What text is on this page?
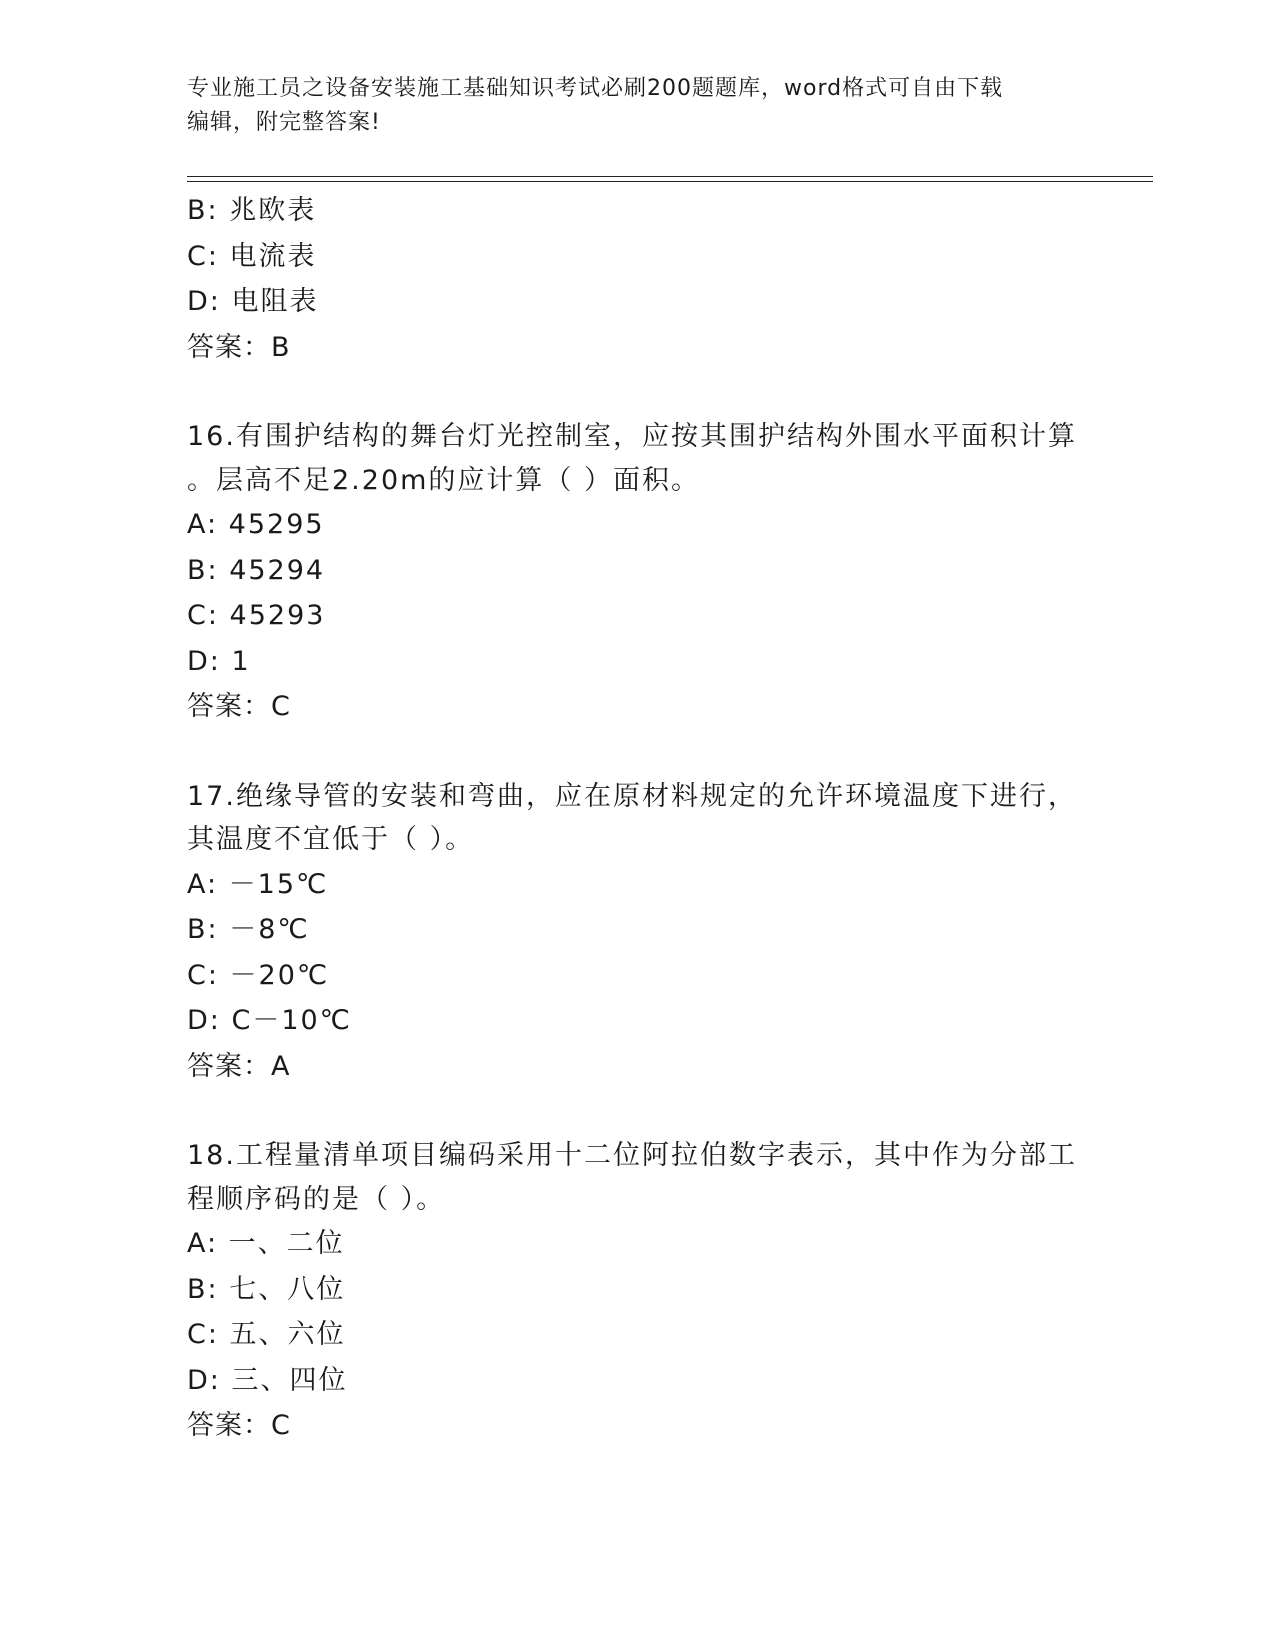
专业施工员之设备安装施工基础知识考试必刷200题题库，word格式可自由下载
编辑，附完整答案!
B: 兆欧表
C: 电流表
D: 电阻表
答案：B
16.有围护结构的舞台灯光控制室，应按其围护结构外围水平面积计算
。层高不足2.20m的应计算（ ）面积。
A: 45295
B: 45294
C: 45293
D: 1
答案：C
17.绝缘导管的安装和弯曲，应在原材料规定的允许环境温度下进行，
其温度不宜低于（ ）。
A: －15℃
B: －8℃
C: －20℃
D: C－10℃
答案：A
18.工程量清单项目编码采用十二位阿拉伯数字表示，其中作为分部工
程顺序码的是（ ）。
A: 一、二位
B: 七、八位
C: 五、六位
D: 三、四位
答案：C
